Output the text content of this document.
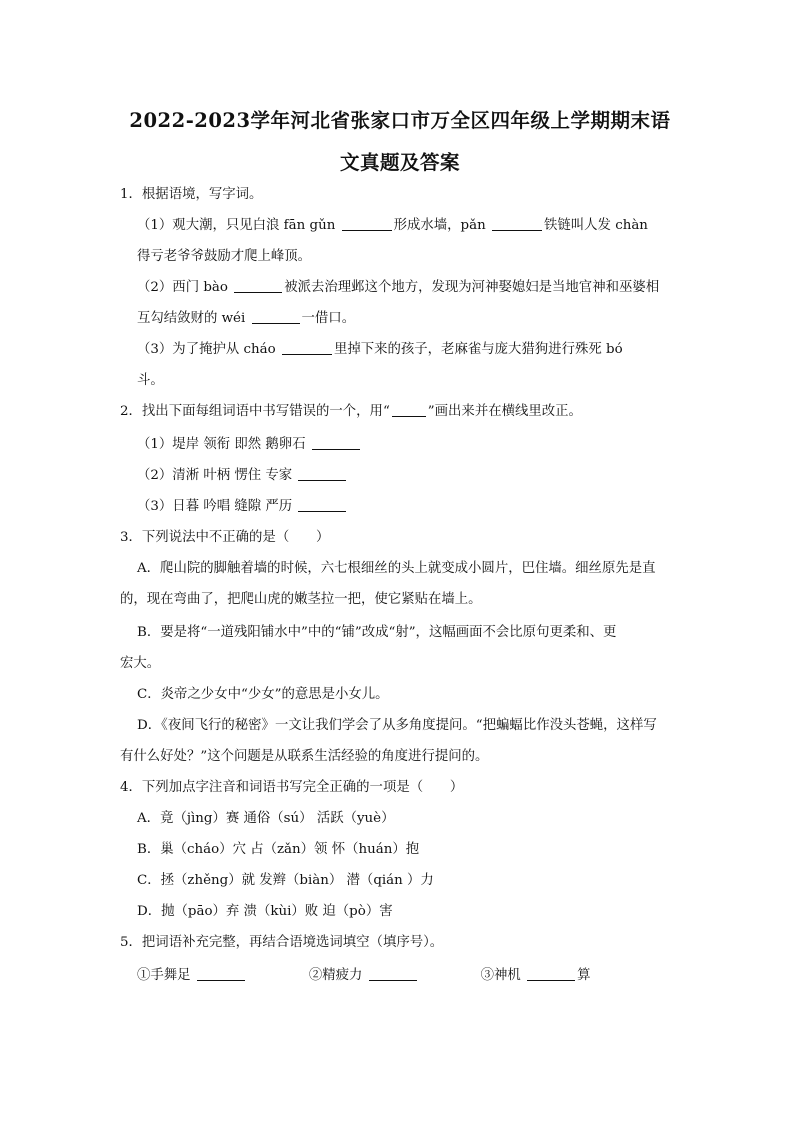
2022-2023学年河北省张家口市万全区四年级上学期期末语
文真题及答案
1．根据语境，写字词。
（1）观大潮，只见白浪 fān gǔn	形成水墙，pǎn	铁链叫人发 chàn
得亏老爷爷鼓励才爬上峰顶。
（2）西门 bào	被派去治理邺这个地方，发现为河神娶媳妇是当地官神和巫婆相
互勾结敛财的 wéi	一借口。
（3）为了掩护从 cháo	里掉下来的孩子，老麻雀与庞大猎狗进行殊死 bó
斗。
2．找出下面每组词语中书写错误的一个，用“	”画出来并在横线里改正。
（1）堤岸 领衔 即然 鹅卵石
（2）清淅 叶柄 愣住 专家
（3）日暮 吟唱 缝隙 严历
3．下列说法中不正确的是（　　）
A．爬山院的脚触着墙的时候，六七根细丝的头上就变成小圆片，巴住墙。细丝原先是直
的，现在弯曲了，把爬山虎的嫩茎拉一把，使它紧贴在墙上。
B．要是将“一道残阳铺水中”中的“铺”改成“射”，这幅画面不会比原句更柔和、更
宏大。
C．炎帝之少女中“少女”的意思是小女儿。
D．《夜间飞行的秘密》一文让我们学会了从多角度提问。“把蝙蝠比作没头苍蝇，这样写
有什么好处？”这个问题是从联系生活经验的角度进行提问的。
4．下列加点字注音和词语书写完全正确的一项是（　　）
A．竟（jìng）赛 通俗（sú） 活跃（yuè）
B．巢（cháo）穴 占（zǎn）领 怀（huán）抱
C．拯（zhěng）就 发辫（biàn） 潜（qián ）力
D．抛（pāo）弃 溃（kùi）败 迫（pò）害
5．把词语补充完整，再结合语境选词填空（填序号）。
①手舞足	②精疲力	③神机	算
